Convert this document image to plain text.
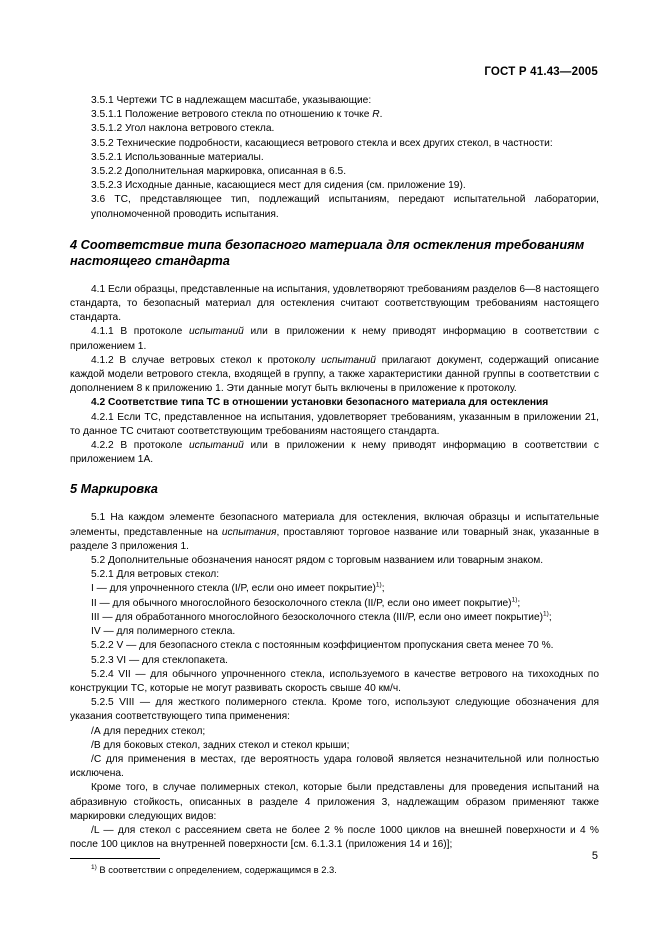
ГОСТ Р 41.43—2005

3.5.1 Чертежи ТС в надлежащем масштабе, указывающие:

3.5.1.1 Положение ветрового стекла по отношению к точке R.

3.5.1.2 Угол наклона ветрового стекла.

3.5.2 Технические подробности, касающиеся ветрового стекла и всех других стекол, в частности:

3.5.2.1 Использованные материалы.

3.5.2.2 Дополнительная маркировка, описанная в 6.5.

3.5.2.3 Исходные данные, касающиеся мест для сидения (см. приложение 19).

3.6 ТС, представляющее тип, подлежащий испытаниям, передают испытательной лаборатории, уполномоченной проводить испытания.

4 Соответствие типа безопасного материала для остекления требованиям настоящего стандарта

4.1 Если образцы, представленные на испытания, удовлетворяют требованиям разделов 6—8 настоящего стандарта, то безопасный материал для остекления считают соответствующим требованиям настоящего стандарта.

4.1.1 В протоколе испытаний или в приложении к нему приводят информацию в соответствии с приложением 1.

4.1.2 В случае ветровых стекол к протоколу испытаний прилагают документ, содержащий описание каждой модели ветрового стекла, входящей в группу, а также характеристики данной группы в соответствии с дополнением 8 к приложению 1. Эти данные могут быть включены в приложение к протоколу.

4.2 Соответствие типа ТС в отношении установки безопасного материала для остекления

4.2.1 Если ТС, представленное на испытания, удовлетворяет требованиям, указанным в приложении 21, то данное ТС считают соответствующим требованиям настоящего стандарта.

4.2.2 В протоколе испытаний или в приложении к нему приводят информацию в соответствии с приложением 1А.

5 Маркировка

5.1 На каждом элементе безопасного материала для остекления, включая образцы и испытательные элементы, представленные на испытания, проставляют торговое название или товарный знак, указанные в разделе 3 приложения 1.

5.2 Дополнительные обозначения наносят рядом с торговым названием или товарным знаком.

5.2.1 Для ветровых стекол:

I — для упрочненного стекла (I/P, если оно имеет покрытие)$^{1)}$;

II — для обычного многослойного безосколочного стекла (II/P, если оно имеет покрытие)$^{1)}$;

III — для обработанного многослойного безосколочного стекла (III/P, если оно имеет покрытие)$^{1)}$;

IV — для полимерного стекла.

5.2.2 V — для безопасного стекла с постоянным коэффициентом пропускания света менее 70 %.

5.2.3 VI — для стеклопакета.

5.2.4 VII — для обычного упрочненного стекла, используемого в качестве ветрового на тихоходных по конструкции ТС, которые не могут развивать скорость свыше 40 км/ч.

5.2.5 VIII — для жесткого полимерного стекла. Кроме того, используют следующие обозначения для указания соответствующего типа применения:

/А для передних стекол;

/В для боковых стекол, задних стекол и стекол крыши;

/С для применения в местах, где вероятность удара головой является незначительной или полностью исключена.

Кроме того, в случае полимерных стекол, которые были представлены для проведения испытаний на абразивную стойкость, описанных в разделе 4 приложения 3, надлежащим образом применяют также маркировки следующих видов:

/L — для стекол с рассеянием света не более 2 % после 1000 циклов на внешней поверхности и 4 % после 100 циклов на внутренней поверхности [см. 6.1.3.1 (приложения 14 и 16)];

$^{1)}$ В соответствии с определением, содержащимся в 2.3.

5
